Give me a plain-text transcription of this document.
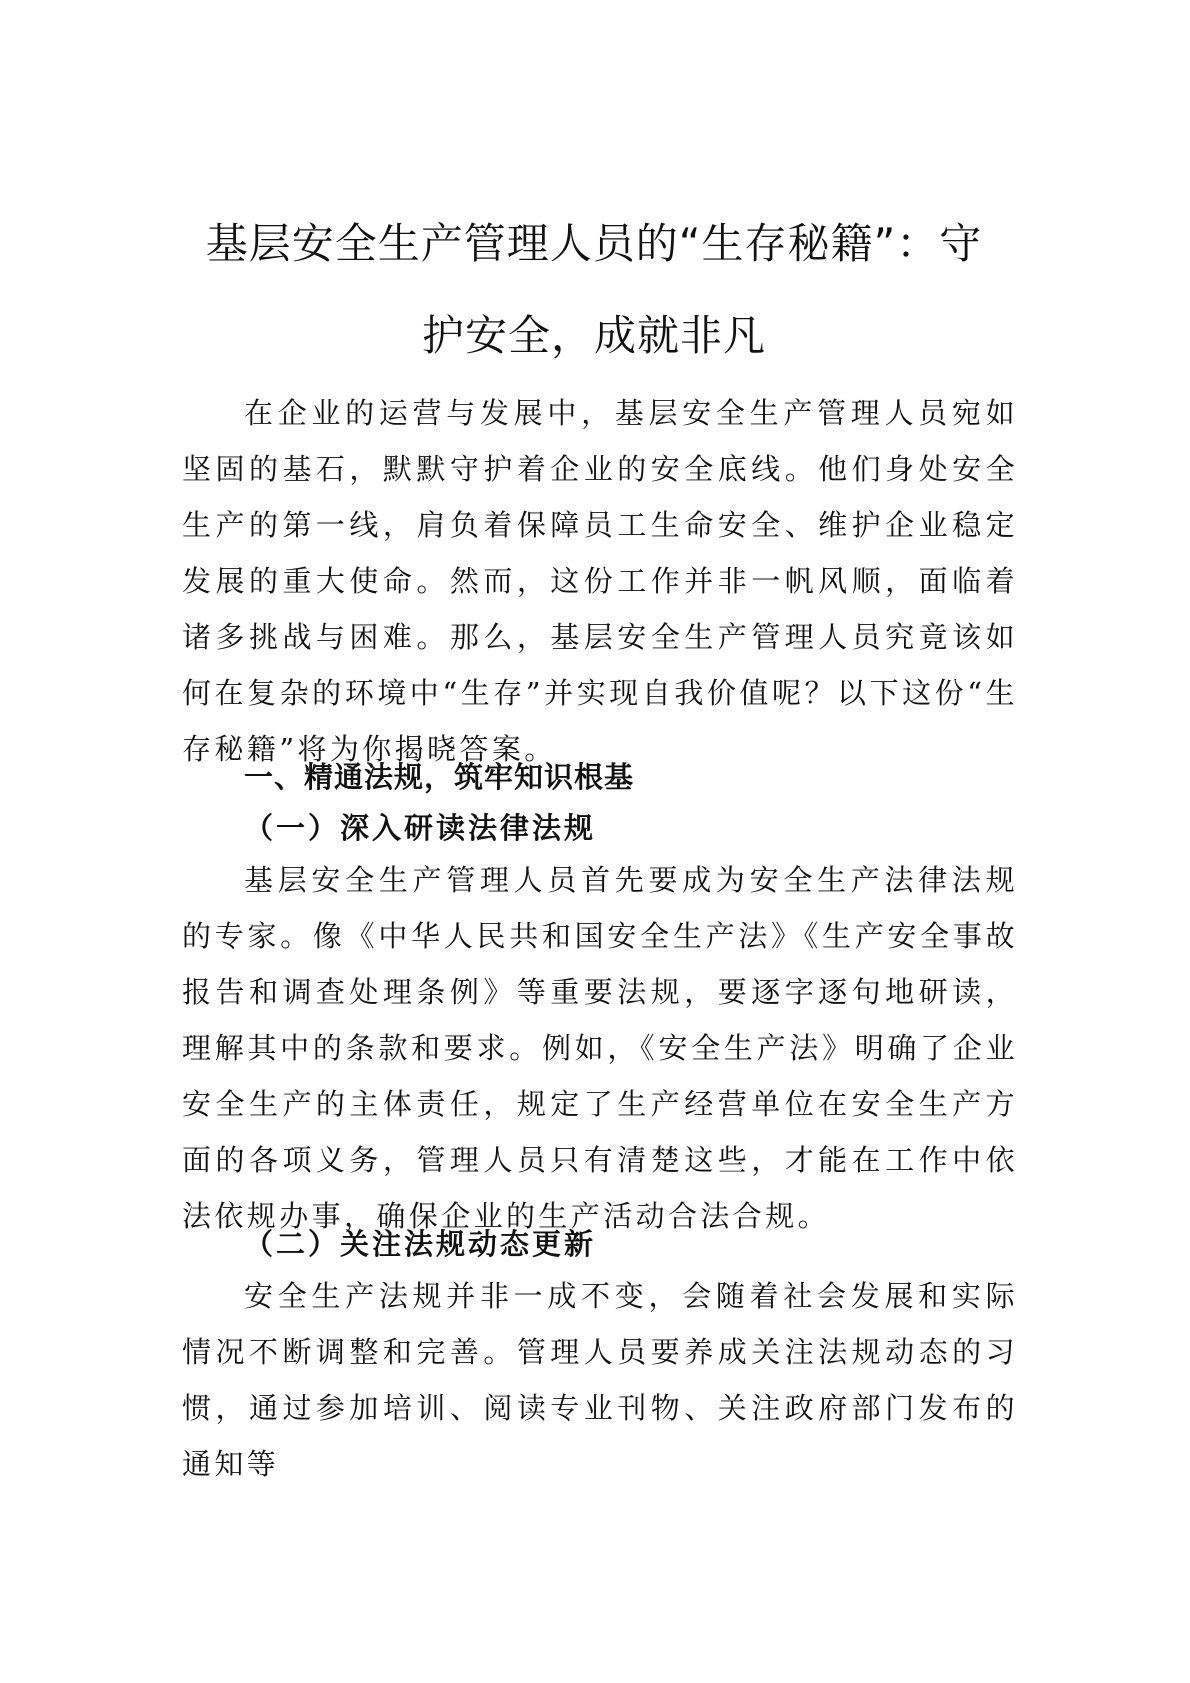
基层安全生产管理人员的“生存秘籍”：守
护安全，成就非凡

在企业的运营与发展中，基层安全生产管理人员宛如坚固的基石，默默守护着企业的安全底线。他们身处安全生产的第一线，肩负着保障员工生命安全、维护企业稳定发展的重大使命。然而，这份工作并非一帆风顺，面临着诸多挑战与困难。那么，基层安全生产管理人员究竟该如何在复杂的环境中“生存”并实现自我价值呢？以下这份“生存秘籍”将为你揭晓答案。

一、精通法规，筑牢知识根基
（一）深入研读法律法规

基层安全生产管理人员首先要成为安全生产法律法规的专家。像《中华人民共和国安全生产法》《生产安全事故报告和调查处理条例》等重要法规，要逐字逐句地研读，理解其中的条款和要求。例如，《安全生产法》明确了企业安全生产的主体责任，规定了生产经营单位在安全生产方面的各项义务，管理人员只有清楚这些，才能在工作中依法依规办事，确保企业的生产活动合法合规。

（二）关注法规动态更新

安全生产法规并非一成不变，会随着社会发展和实际情况不断调整和完善。管理人员要养成关注法规动态的习惯，通过参加培训、阅读专业刊物、关注政府部门发布的通知等
